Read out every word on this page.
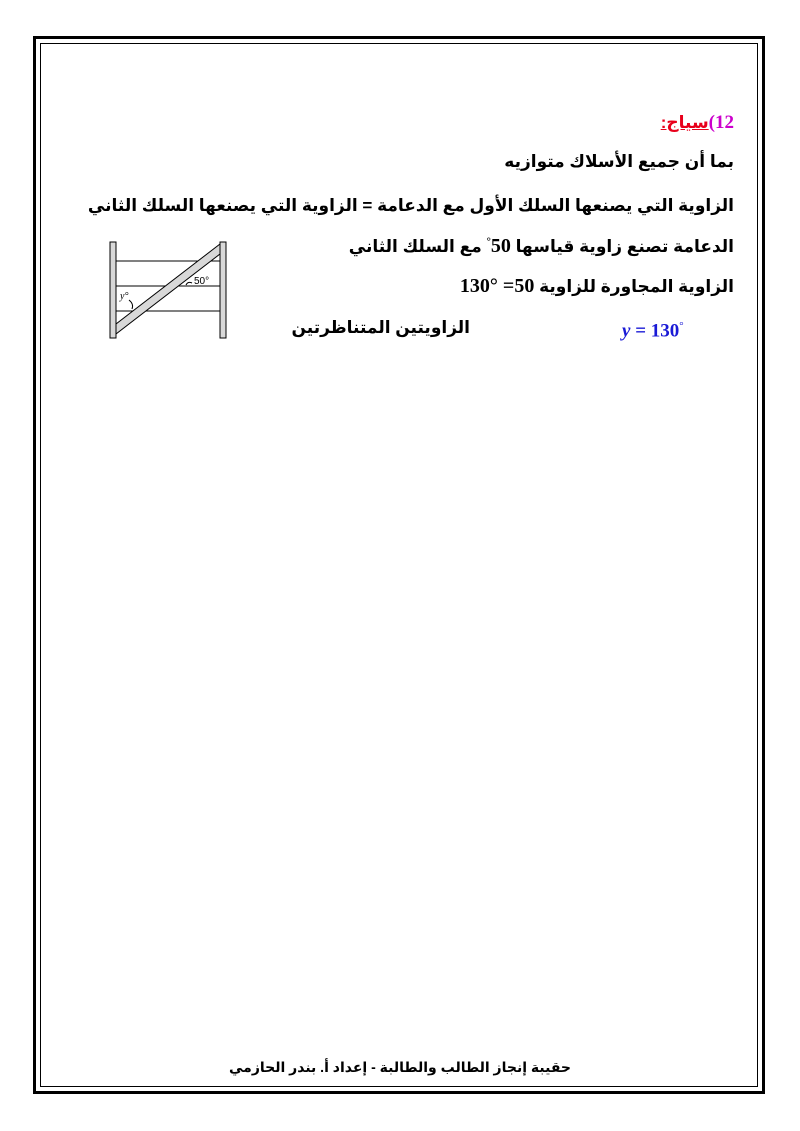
12)سياج:
بما أن جميع الأسلاك متوازيه
الزاوية التي يصنعها السلك الأول مع الدعامة = الزاوية التي يصنعها السلك الثاني
الدعامة تصنع زاوية قياسها 50° مع السلك الثاني
الزاوية المجاورة للزاوية 50= °130
الزاويتين المتناظرتين	y = 130°
50°
y°
حقيبة إنجاز الطالب والطالبة - إعداد أ. بندر الحازمي
